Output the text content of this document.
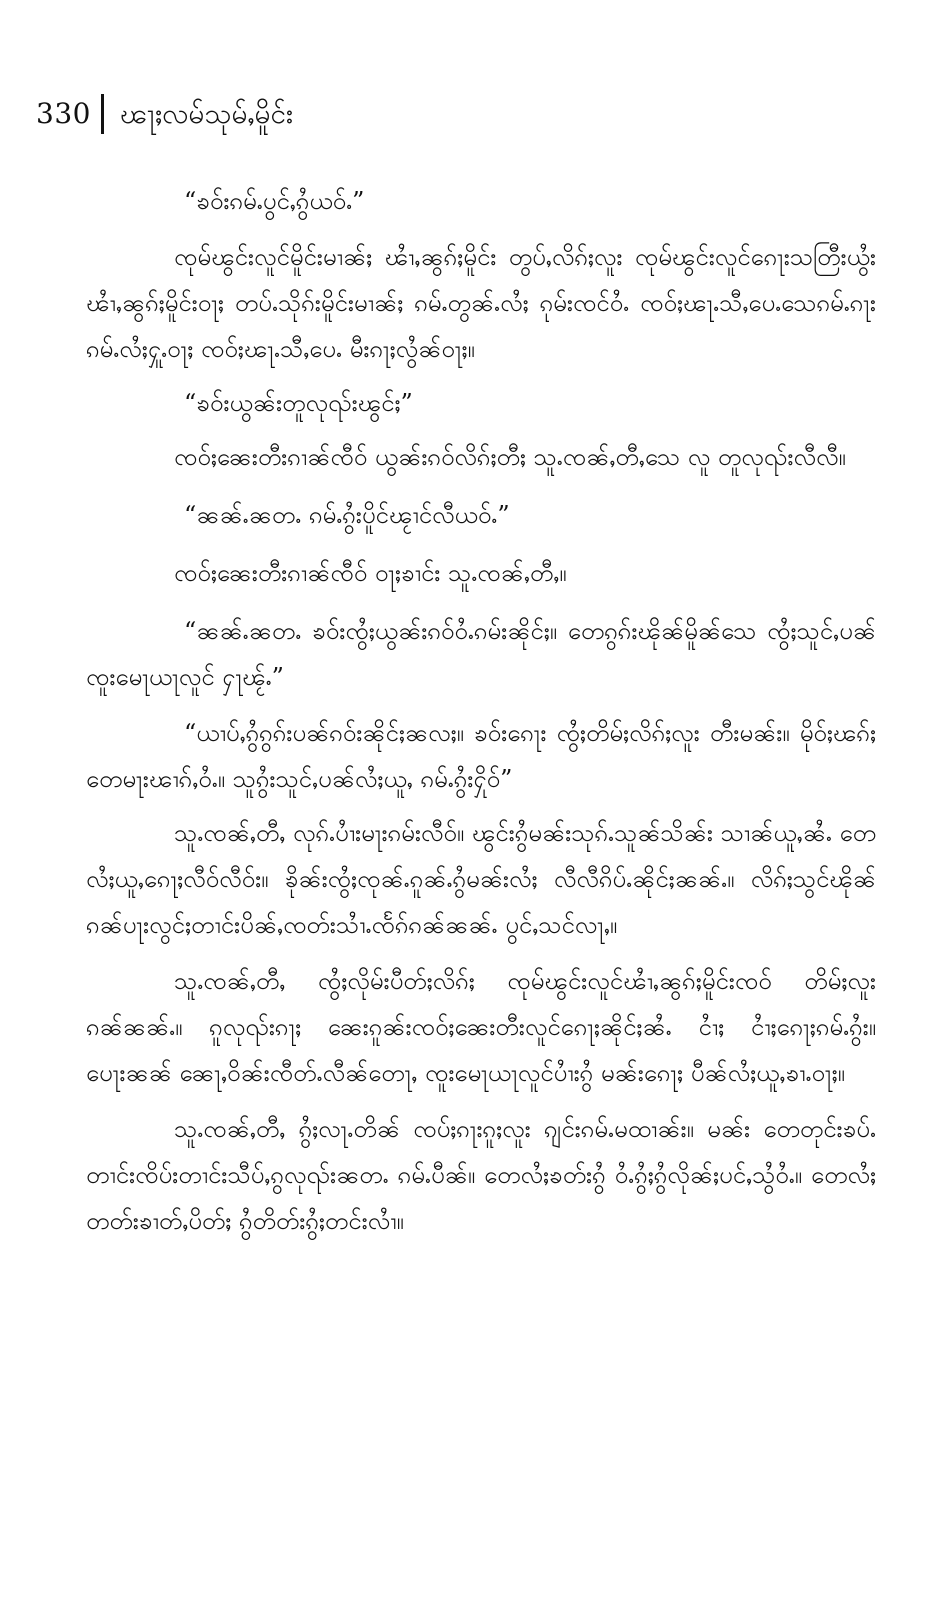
330 ၽႃႈလမ်သုမ်ႇမိူင်း

“ၶဝ်းၵမ်ႉပွင်ႇၵွႆယဝ်ႉ”

ၸုမ်ၽွင်းလူင်မိူင်းမၢၼ်ႈ ၽၢႆႇၼွၵ်ႈမိူင်း တွပ်ႇလိၵ်ႈလူး ၸုမ်ၽွင်းလူင်ၵေႃးသတြီးယွႆး ၽၢႆႇၼွၵ်ႈမိူင်းဝႃႈ တပ်ႉသိုၵ်းမိူင်းမၢၼ်ႈ ၵမ်ႉတွၼ်ႉလႆႈ ၵုမ်းၸင်ဝႆႉ ၸဝ်ႈၽႃႉသီႇပေႉသေၵမ်ႉၵႃး ၵမ်ႉလႆႈႁူႉဝႃႈ ၸဝ်ႈၽႃႉသီႇပေႉ မီးၵႃႈလွႆၼ်ဝႃႈ။

“ၶဝ်းယွၼ်းတူလုၺ်းၽွင်ႈ”

ၸဝ်ႈၼေးတီးၵၢၼ်ၸီဝ် ယွၼ်းၵဝ်လိၵ်ႈတီႈ သူႉၸၼ်ႇတီႇသေ လူ တူလုၺ်းလီလီ။

“ၼၼ်ႉၼတႉ ၵမ်ႉၵွႆးပိူင်ၽႂၢင်လီယဝ်ႉ”

ၸဝ်ႈၼေးတီးၵၢၼ်ၸီဝ် ဝႃႈၶၢင်း သူႉၸၼ်ႇတီႇ။

“ၼၼ်ႉၼတႉ ၶဝ်းၸွႆႈယွၼ်းၵဝ်ဝႆႉၵမ်းၼိုင်ႈ။ တေၵွၵ်းၽိုၼ်မိူၼ်သေ ၸွႆႈသူင်ႇပၼ် ၸူးမေႃယႃလူင် ႁႃၽႂ်ႉ”

“ယၢပ်ႇၵွႆၵွၵ်းပၼ်ၵဝ်းၼိုင်ႈၼလႈ။ ၶဝ်းၵေႃး ၸွႆႈတိမ်ႈလိၵ်ႈလူး တီးမၼ်း။ မိုဝ်ႈၽၵ်ႈတေမႃးၽၢၵ်ႇဝႆႉ။ သူၵွႆးသူင်ႇပၼ်လႆႈယူႇ ၵမ်ႉၵွႆးႁိုဝ်”

သူႉၸၼ်ႇတီႇ လုၵ်ႉပၢႆးမႃးၵမ်းလီဝ်။ ၽွင်းၵွႆမၼ်းသုၵ်ႉသူၼ်သိၼ်း သၢၼ်ယူႇၼႆႉ တေလႆႈယူႇၵေႃႈလီဝ်လီဝ်း။ ၶိုၼ်းၸွႆႈၸုၼ်ႉၵူၼ်ႉၵွႆမၼ်းလႆႈ လီလီၵိပ်ႉၼိုင်ႈၼၼ်ႉ။ လိၵ်ႈသွင်ၽိုၼ် ၵၼ်ပႃးလွင်ႈတၢင်းပိၼ်ႇၸတ်းသၢႆႉၸႅၵ်ၵၼ်ၼၼ်ႉ ပွင်ႇသင်လႃႇ။

သူႉၸၼ်ႇတီႇ ၸွႆႈလိုမ်းပီတ်ႈလိၵ်ႈ ၸုမ်ၽွင်းလူင်ၽၢႆႇၼွၵ်ႈမိူင်းၸဝ် တိမ်ႈလူးၵၼ်ၼၼ်ႉ။ ၵူလုၺ်းၵႃႈ ၼေးၵူၼ်းၸဝ်ႈၼေးတီးလူင်ၵေႃႈၼိုင်ႈၼႆႉ ငၢႆႈ ငၢႆႈၵေႃႈၵမ်ႉၵွႆး။ ပေႃးၼၼ် ၼေႃႇဝိၼ်းၸီတ်ႉလီၼ်တေႃႇ ၸူးမေႃယႃလူင်ပၢႆးၵွႆ မၼ်းၵေႃႈ ပီၼ်လႆႈယူႇၶၢႉဝႃႈ။

သူႉၸၼ်ႇတီႇ ၵွႆႈလႃႉတိၼ် ၸပ်ႈၵႃးၵူႈလူး ၵျင်းၵမ်ႉမထၢၼ်း။ မၼ်း တေတုင်းၶပ်ႉ တၢင်းၸိပ်းတၢင်းသီပ်ႇၵွလုၺ်းၼတႉ ၵမ်ႉပီၼ်။ တေလႆႈၶတ်းၵွႆ ဝႆႉၵွႆႈၵွႆလိုၼ်ႈပင်ႇသွႆဝႆႉ။ တေလႆႈတတ်းၶၢတ်ႇပိတ်ႈ ၵွႆတိတ်းၵွႆႈတင်းလၢႆ။
